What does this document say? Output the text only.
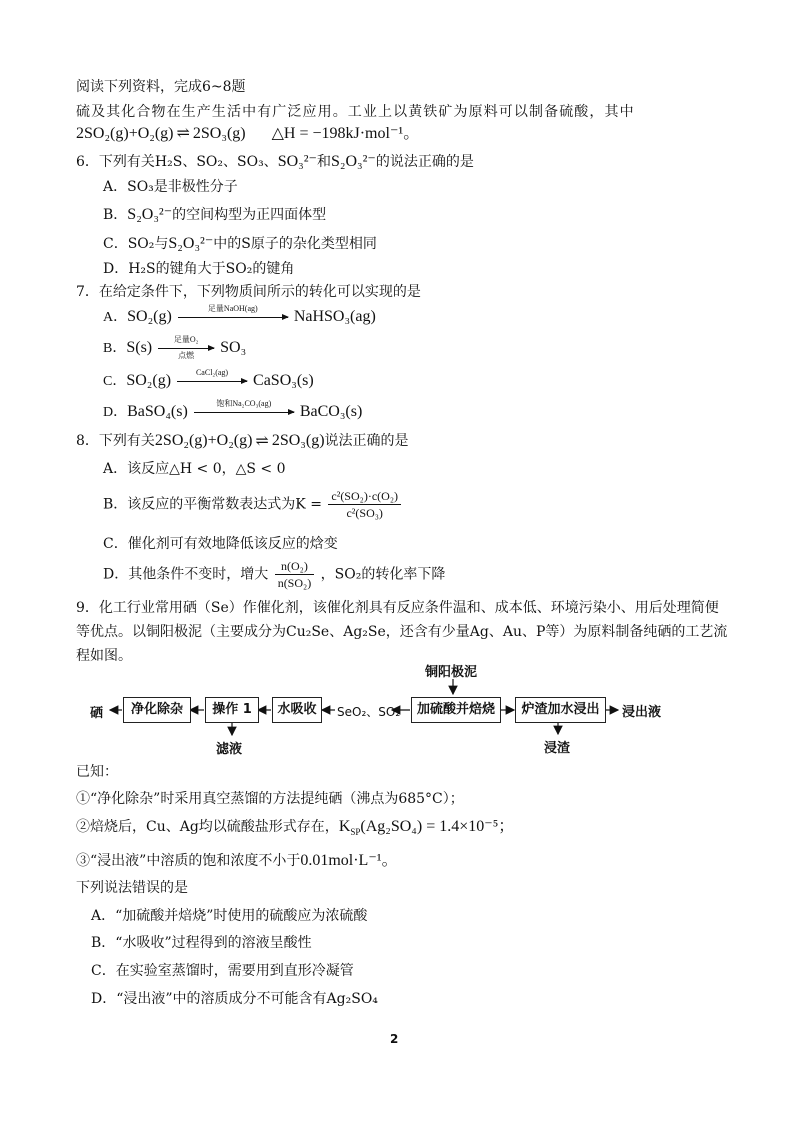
阅读下列资料，完成6~8题
硫及其化合物在生产生活中有广泛应用。工业上以黄铁矿为原料可以制备硫酸，其中
2SO₂(g)+O₂(g) ⇌ 2SO₃(g) △H = −198kJ·mol⁻¹。
6．下列有关H₂S、SO₂、SO₃、SO₃²⁻和S₂O₃²⁻的说法正确的是
A．SO₃是非极性分子
B．S₂O₃²⁻的空间构型为正四面体型
C．SO₂与S₂O₃²⁻中的S原子的杂化类型相同
D．H₂S的键角大于SO₂的键角
7．在给定条件下，下列物质间所示的转化可以实现的是
A．SO₂(g)	足量NaOH(ag)	NaHSO₃(ag)
B．S(s)	足量O₂
点燃	SO₃
C．SO₂(g)	CaCl₂(ag)	CaSO₃(s)
D．BaSO₄(s)	饱和Na₂CO₃(ag)	BaCO₃(s)
8．下列有关2SO₂(g)+O₂(g) ⇌ 2SO₃(g)说法正确的是
A．该反应△H < 0，△S < 0
B．该反应的平衡常数表达式为$K = \frac{\text{c²(SO₂)·c(O₂)}}{\text{c²(SO₃)}}$
C．催化剂可有效地降低该反应的焓变
D．其他条件不变时，增大 $\frac{\text{n(O₂)}}{\text{n(SO₂)}}$ ，SO₂的转化率下降
9．化工行业常用硒（Se）作催化剂，该催化剂具有反应条件温和、成本低、环境污染小、用后处理简便
等优点。以铜阳极泥（主要成分为Cu₂Se、Ag₂Se，还含有少量Ag、Au、P等）为原料制备纯硒的工艺流
程如图。
铜阳极泥
加硫酸并焙烧	炉渣加水浸出	浸出液
浸渣
SeO₂、SO₂
水吸收
操作 1
滤液
净化除杂
硒
已知：
①“净化除杂”时采用真空蒸馏的方法提纯硒（沸点为685°C）；
②焙烧后，Cu、Ag均以硫酸盐形式存在，$K_{SP}(Ag_2SO_4) = 1.4\times 10^{-5}$；
③“浸出液”中溶质的饱和浓度不小于0.01mol·L⁻¹。
下列说法错误的是
A．“加硫酸并焙烧”时使用的硫酸应为浓硫酸
B．“水吸收”过程得到的溶液呈酸性
C．在实验室蒸馏时，需要用到直形冷凝管
D．“浸出液”中的溶质成分不可能含有Ag₂SO₄
2
